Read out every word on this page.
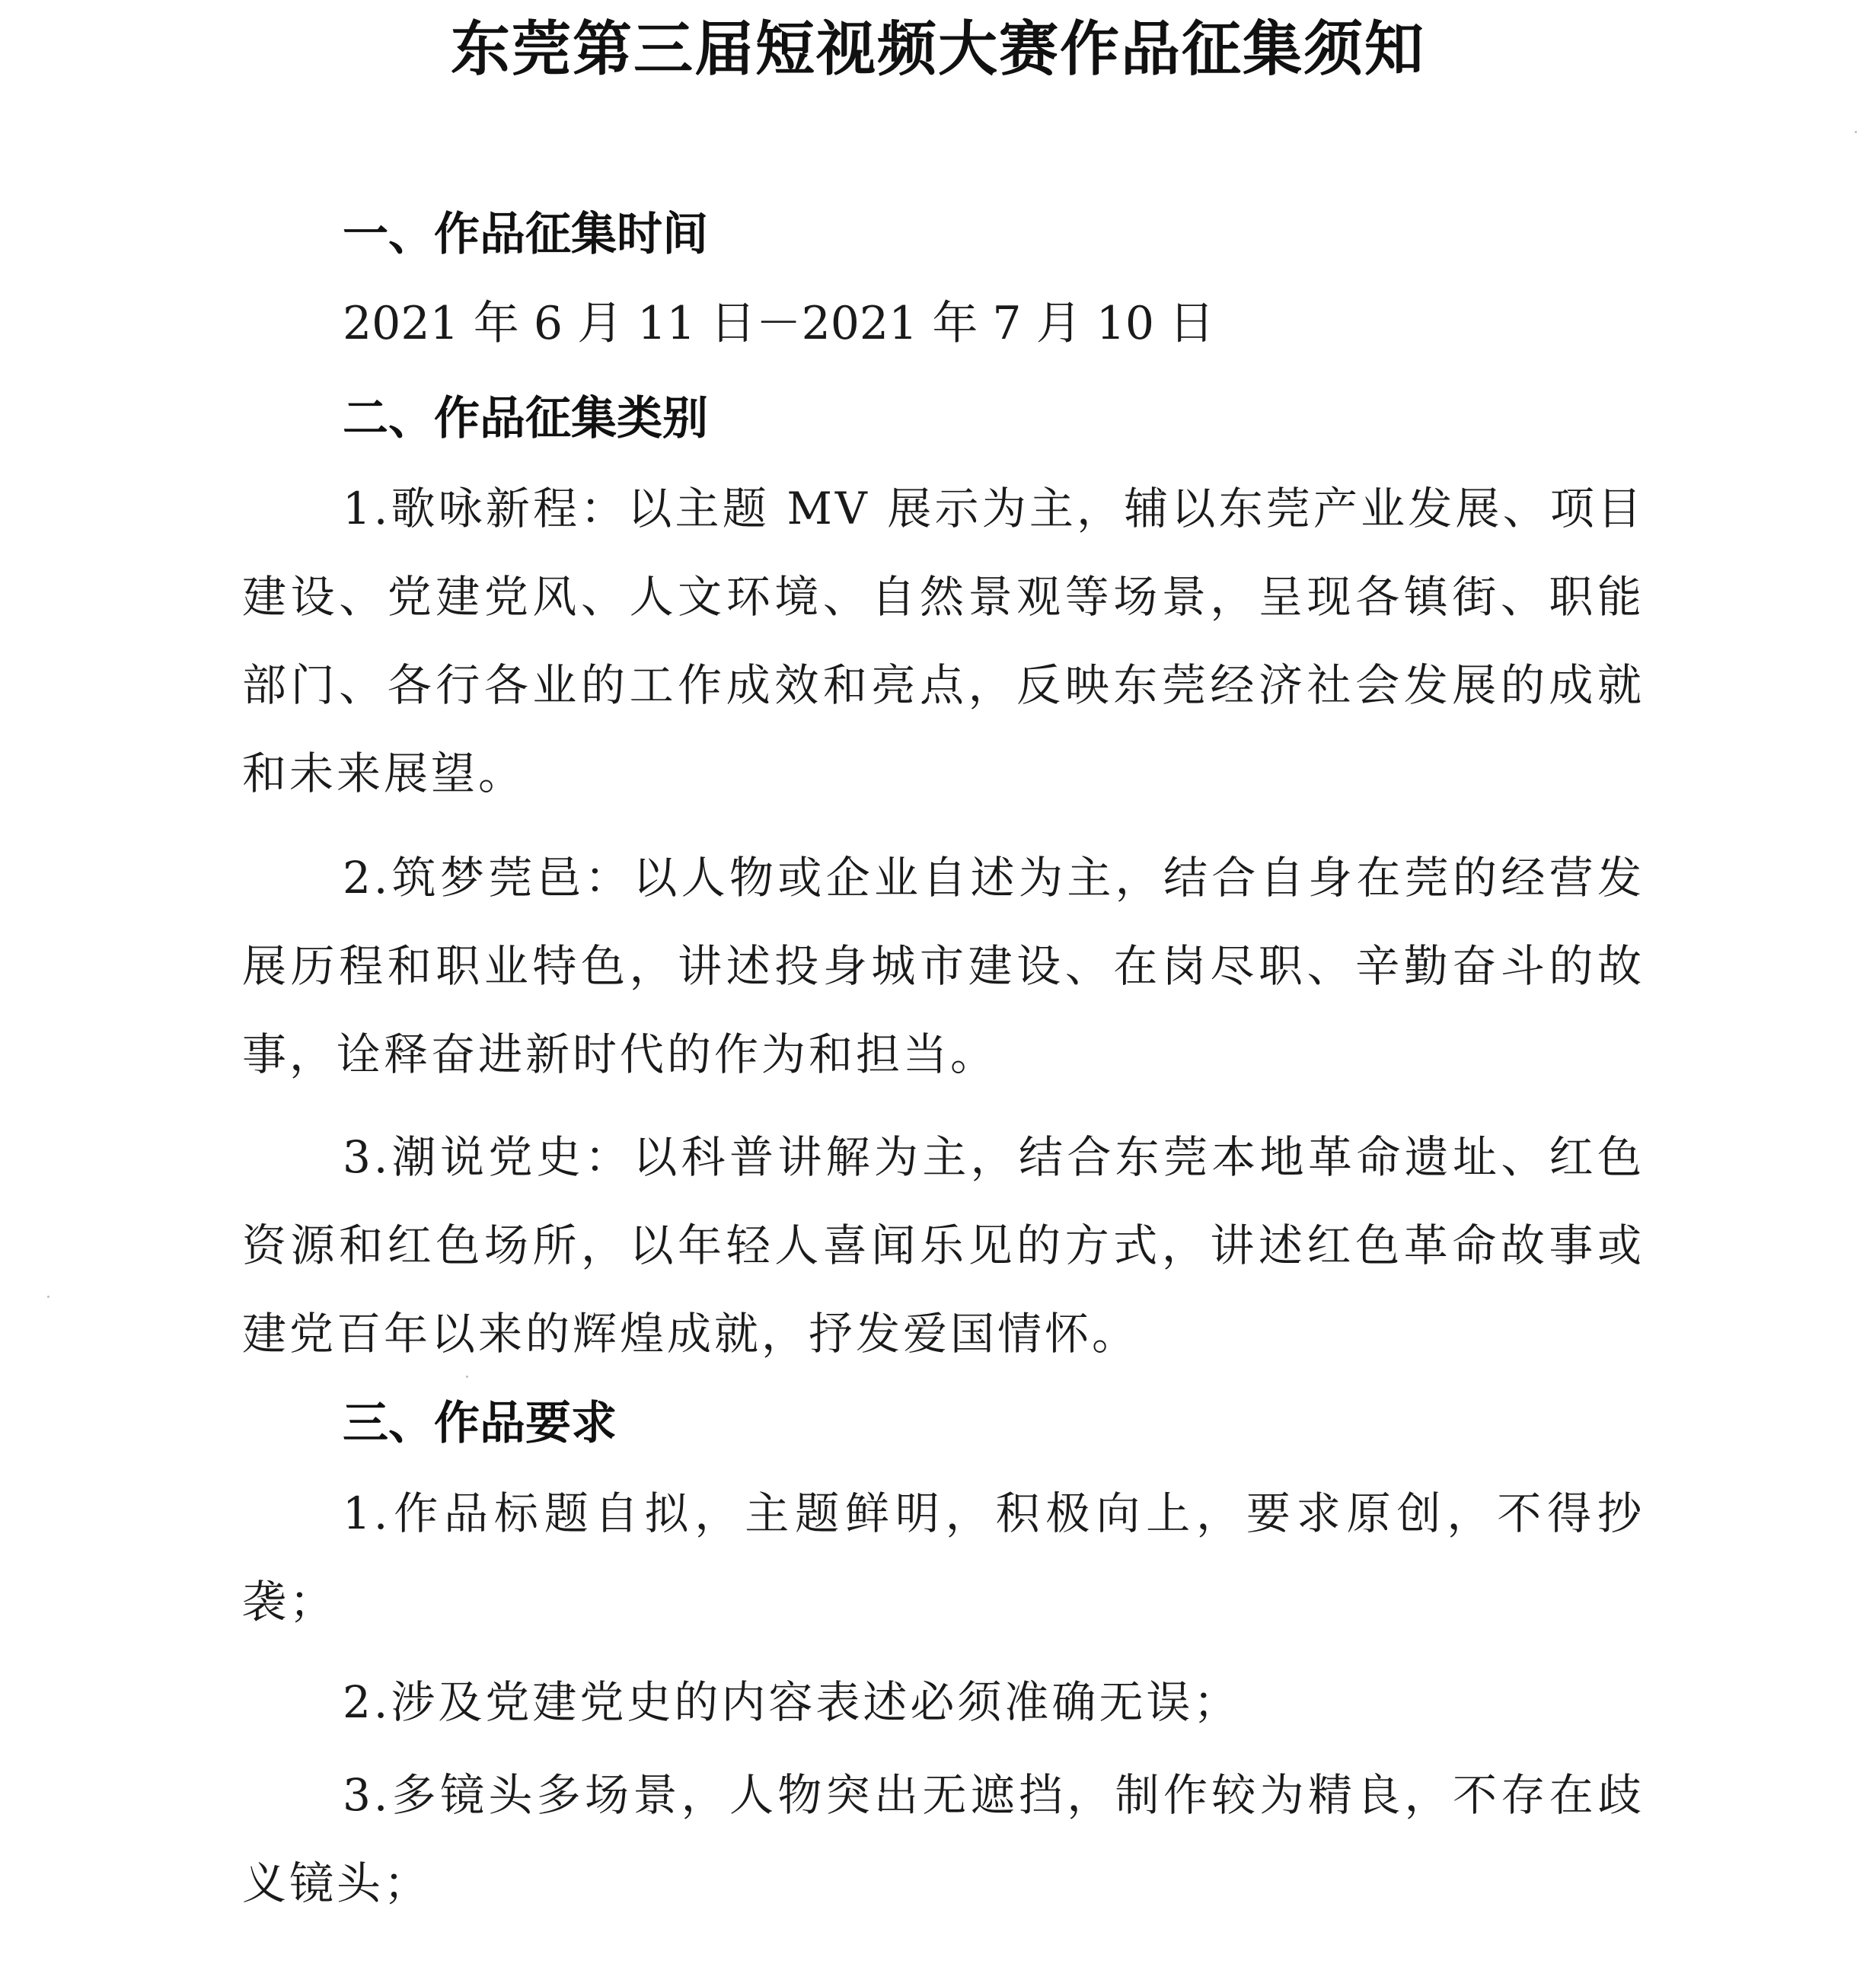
东莞第三届短视频大赛作品征集须知
一、作品征集时间
2021 年 6 月 11 日－2021 年 7 月 10 日
二、作品征集类别
1.歌咏新程：以主题 MV 展示为主，辅以东莞产业发展、项目建设、党建党风、人文环境、自然景观等场景，呈现各镇街、职能部门、各行各业的工作成效和亮点，反映东莞经济社会发展的成就和未来展望。
2.筑梦莞邑：以人物或企业自述为主，结合自身在莞的经营发展历程和职业特色，讲述投身城市建设、在岗尽职、辛勤奋斗的故事，诠释奋进新时代的作为和担当。
3.潮说党史：以科普讲解为主，结合东莞本地革命遗址、红色资源和红色场所，以年轻人喜闻乐见的方式，讲述红色革命故事或建党百年以来的辉煌成就，抒发爱国情怀。
三、作品要求
1.作品标题自拟，主题鲜明，积极向上，要求原创，不得抄袭；
2.涉及党建党史的内容表述必须准确无误；
3.多镜头多场景，人物突出无遮挡，制作较为精良，不存在歧义镜头；
